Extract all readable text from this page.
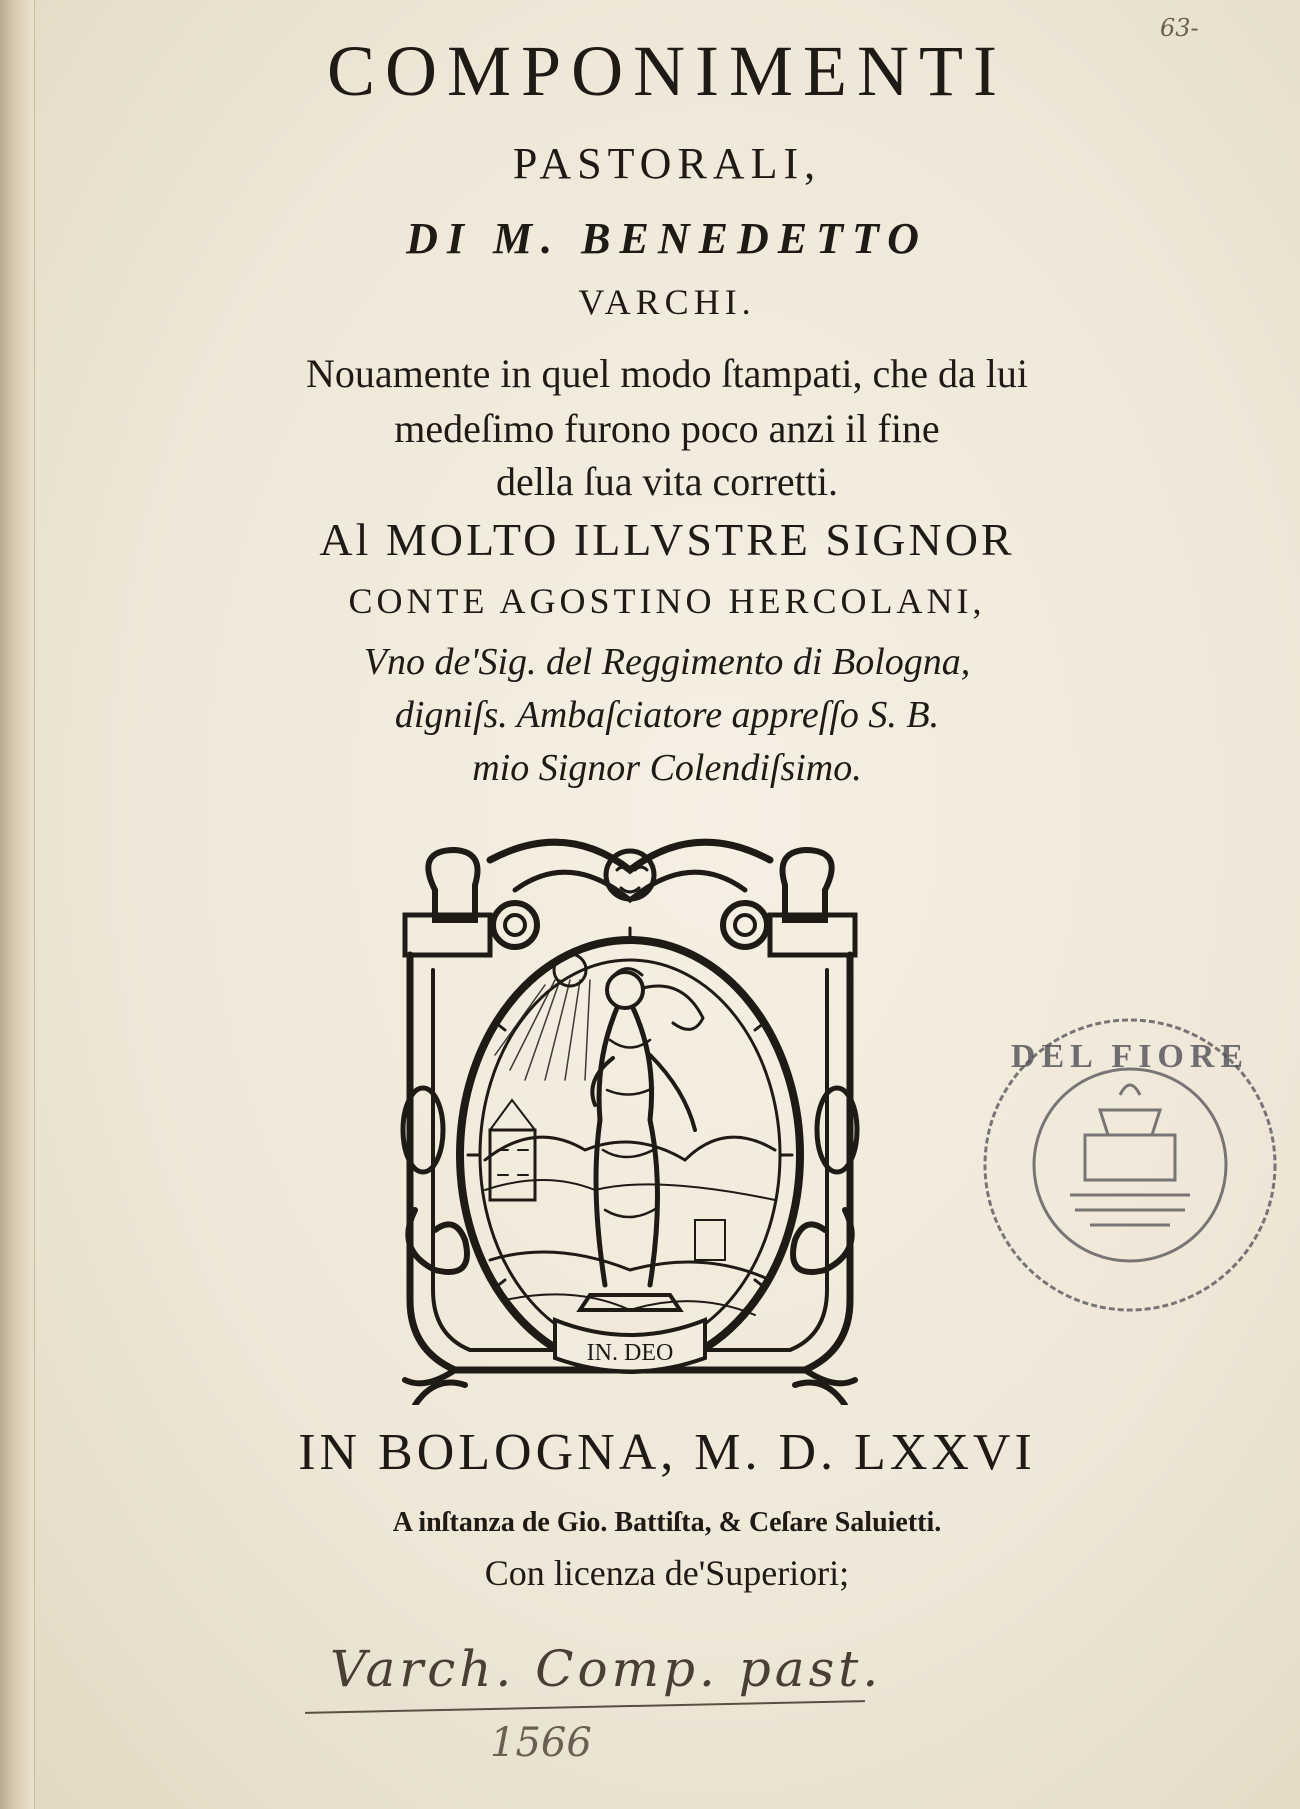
63-
COMPONIMENTI
PASTORALI,
DI M. BENEDETTO
VARCHI.
Nouamente in quel modo ſtampati, che da lui
medeſimo furono poco anzi il fine
della ſua vita corretti.
Al MOLTO ILLVSTRE SIGNOR
CONTE AGOSTINO HERCOLANI,
Vno de'Sig. del Reggimento di Bologna,
digniſs. Ambaſciatore appreſſo S. B.
mio Signor Colendiſsimo.
IN. DEO
IN BOLOGNA, M. D. LXXVI
A inſtanza de Gio. Battiſta, & Ceſare Saluietti.
Con licenza de'Superiori;
DEL FIORE
Varch. Comp. past.
1566
